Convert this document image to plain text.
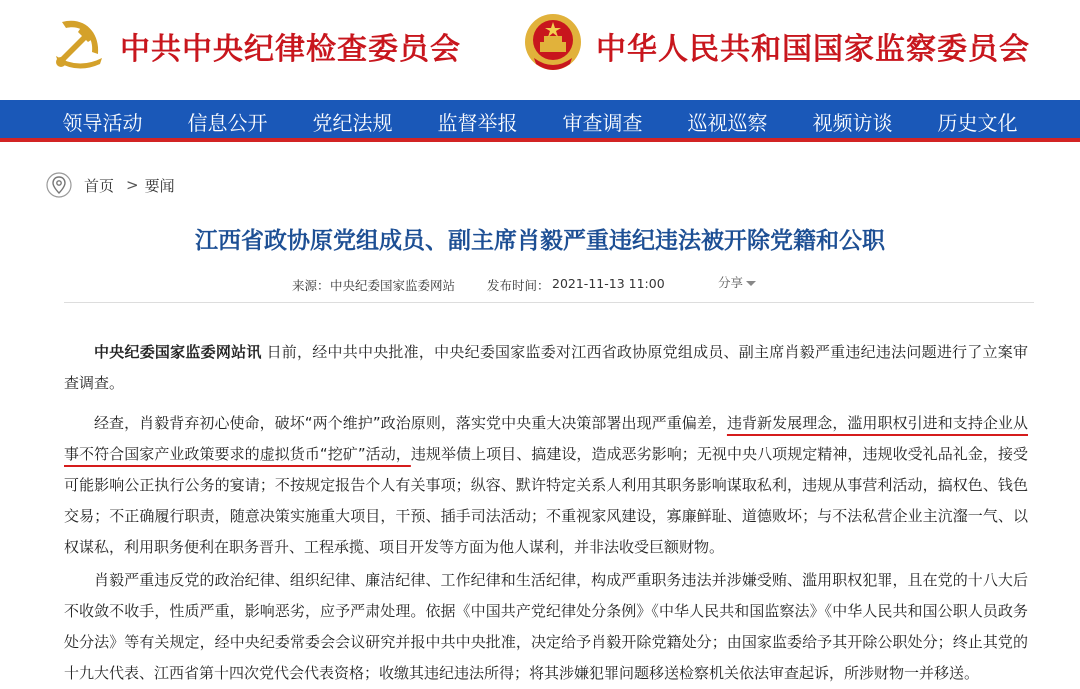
中共中央纪律检查委员会	中华人民共和国国家监察委员会
领导活动 信息公开 党纪法规 监督举报 审查调查 巡视巡察 视频访谈 历史文化
首页 > 要闻
江西省政协原党组成员、副主席肖毅严重违纪违法被开除党籍和公职
来源： 中央纪委国家监委网站	发布时间： 2021-11-13 11:00	分享

中央纪委国家监委网站讯 日前，经中共中央批准，中央纪委国家监委对江西省政协原党组成员、副主席肖毅严重违纪违法问题进行了立案审查调查。

经查，肖毅背弃初心使命，破坏“两个维护”政治原则，落实党中央重大决策部署出现严重偏差，违背新发展理念，滥用职权引进和支持企业从事不符合国家产业政策要求的虚拟货币“挖矿”活动，违规举债上项目、搞建设，造成恶劣影响；无视中央八项规定精神，违规收受礼品礼金，接受可能影响公正执行公务的宴请；不按规定报告个人有关事项；纵容、默许特定关系人利用其职务影响谋取私利，违规从事营利活动，搞权色、钱色交易；不正确履行职责，随意决策实施重大项目，干预、插手司法活动；不重视家风建设，寡廉鲜耻、道德败坏；与不法私营企业主沆瀣一气、以权谋私，利用职务便利在职务晋升、工程承揽、项目开发等方面为他人谋利，并非法收受巨额财物。

肖毅严重违反党的政治纪律、组织纪律、廉洁纪律、工作纪律和生活纪律，构成严重职务违法并涉嫌受贿、滥用职权犯罪，且在党的十八大后不收敛不收手，性质严重，影响恶劣，应予严肃处理。依据《中国共产党纪律处分条例》《中华人民共和国监察法》《中华人民共和国公职人员政务处分法》等有关规定，经中央纪委常委会会议研究并报中共中央批准，决定给予肖毅开除党籍处分；由国家监委给予其开除公职处分；终止其党的十九大代表、江西省第十四次党代会代表资格；收缴其违纪违法所得；将其涉嫌犯罪问题移送检察机关依法审查起诉，所涉财物一并移送。
